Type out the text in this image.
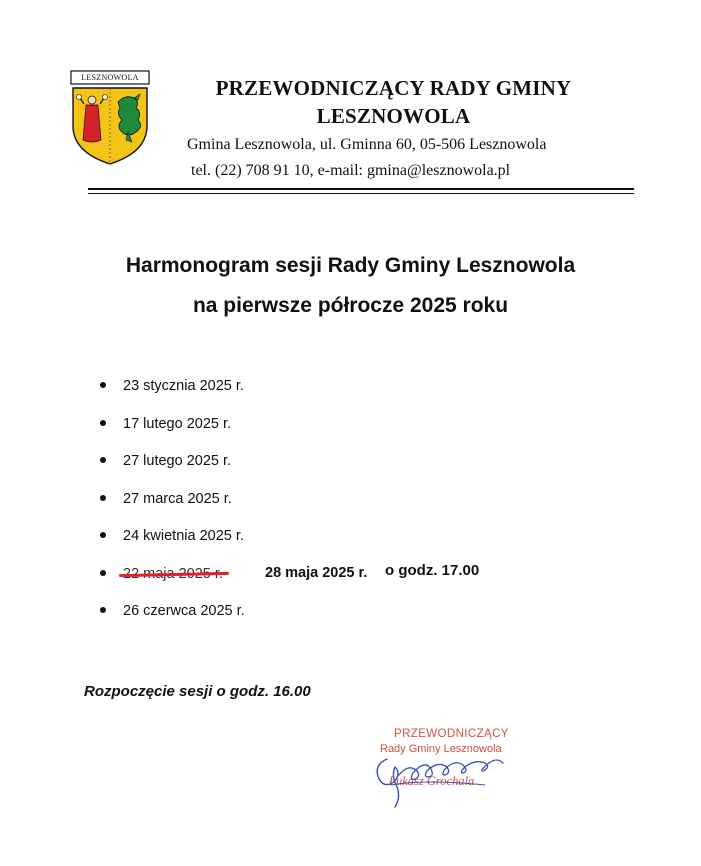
LESZNOWOLA	PRZEWODNICZĄCY RADY GMINY
LESZNOWOLA
Gmina Lesznowola, ul. Gminna 60, 05-506 Lesznowola
tel. (22) 708 91 10, e-mail: gmina@lesznowola.pl
Harmonogram sesji Rady Gminy Lesznowola
na pierwsze półrocze 2025 roku
23 stycznia 2025 r.
17 lutego 2025 r.
27 lutego 2025 r.
27 marca 2025 r.
24 kwietnia 2025 r.
28 maja 2025 r. o godz. 17.00
26 czerwca 2025 r.
Rozpoczęcie sesji o godz. 16.00
PRZEWODNICZĄCY
Rady Gminy Lesznowola
Łukasz Grochala
